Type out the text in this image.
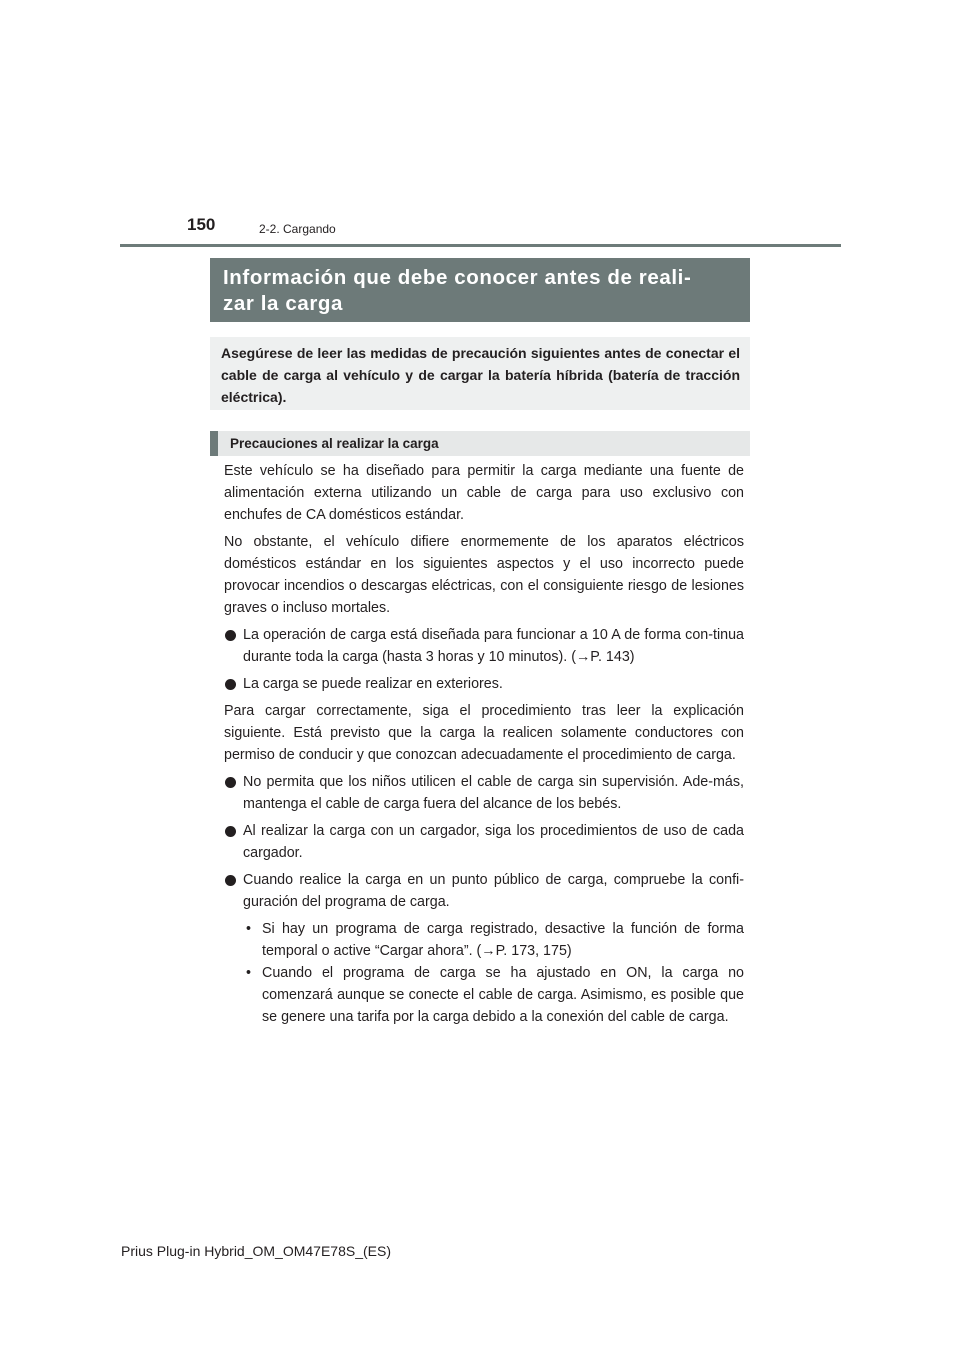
150	2-2. Cargando
Información que debe conocer antes de reali-
zar la carga
Asegúrese de leer las medidas de precaución siguientes antes de conectar el cable de carga al vehículo y de cargar la batería híbrida (batería de tracción eléctrica).
Precauciones al realizar la carga

Este vehículo se ha diseñado para permitir la carga mediante una fuente de alimentación externa utilizando un cable de carga para uso exclusivo con enchufes de CA domésticos estándar.

No obstante, el vehículo difiere enormemente de los aparatos eléctricos domésticos estándar en los siguientes aspectos y el uso incorrecto puede provocar incendios o descargas eléctricas, con el consiguiente riesgo de lesiones graves o incluso mortales.

La operación de carga está diseñada para funcionar a 10 A de forma con-tinua durante toda la carga (hasta 3 horas y 10 minutos). (→P. 143)
La carga se puede realizar en exteriores.

Para cargar correctamente, siga el procedimiento tras leer la explicación siguiente. Está previsto que la carga la realicen solamente conductores con permiso de conducir y que conozcan adecuadamente el procedimiento de carga.

No permita que los niños utilicen el cable de carga sin supervisión. Ade-más, mantenga el cable de carga fuera del alcance de los bebés.
Al realizar la carga con un cargador, siga los procedimientos de uso de cada cargador.
Cuando realice la carga en un punto público de carga, compruebe la confi-guración del programa de carga.
• Si hay un programa de carga registrado, desactive la función de forma temporal o active “Cargar ahora”. (→P. 173, 175)
• Cuando el programa de carga se ha ajustado en ON, la carga no comenzará aunque se conecte el cable de carga. Asimismo, es posible que se genere una tarifa por la carga debido a la conexión del cable de carga.
Prius Plug-in Hybrid_OM_OM47E78S_(ES)
